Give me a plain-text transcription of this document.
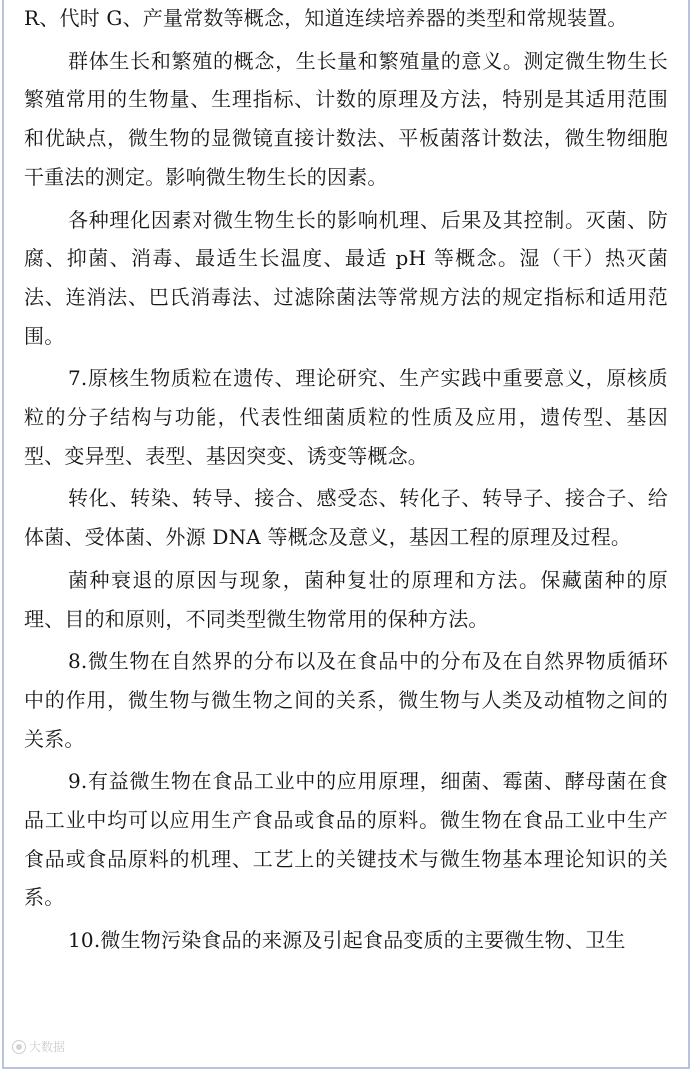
R、代时 G、产量常数等概念，知道连续培养器的类型和常规装置。

群体生长和繁殖的概念，生长量和繁殖量的意义。测定微生物生长繁殖常用的生物量、生理指标、计数的原理及方法，特别是其适用范围和优缺点，微生物的显微镜直接计数法、平板菌落计数法，微生物细胞干重法的测定。影响微生物生长的因素。

各种理化因素对微生物生长的影响机理、后果及其控制。灭菌、防腐、抑菌、消毒、最适生长温度、最适 pH 等概念。湿（干）热灭菌法、连消法、巴氏消毒法、过滤除菌法等常规方法的规定指标和适用范围。

7.原核生物质粒在遗传、理论研究、生产实践中重要意义，原核质粒的分子结构与功能，代表性细菌质粒的性质及应用，遗传型、基因型、变异型、表型、基因突变、诱变等概念。

转化、转染、转导、接合、感受态、转化子、转导子、接合子、给体菌、受体菌、外源 DNA 等概念及意义，基因工程的原理及过程。

菌种衰退的原因与现象，菌种复壮的原理和方法。保藏菌种的原理、目的和原则，不同类型微生物常用的保种方法。

8.微生物在自然界的分布以及在食品中的分布及在自然界物质循环中的作用，微生物与微生物之间的关系，微生物与人类及动植物之间的关系。

9.有益微生物在食品工业中的应用原理，细菌、霉菌、酵母菌在食品工业中均可以应用生产食品或食品的原料。微生物在食品工业中生产食品或食品原料的机理、工艺上的关键技术与微生物基本理论知识的关系。

10.微生物污染食品的来源及引起食品变质的主要微生物、卫生

大数据
